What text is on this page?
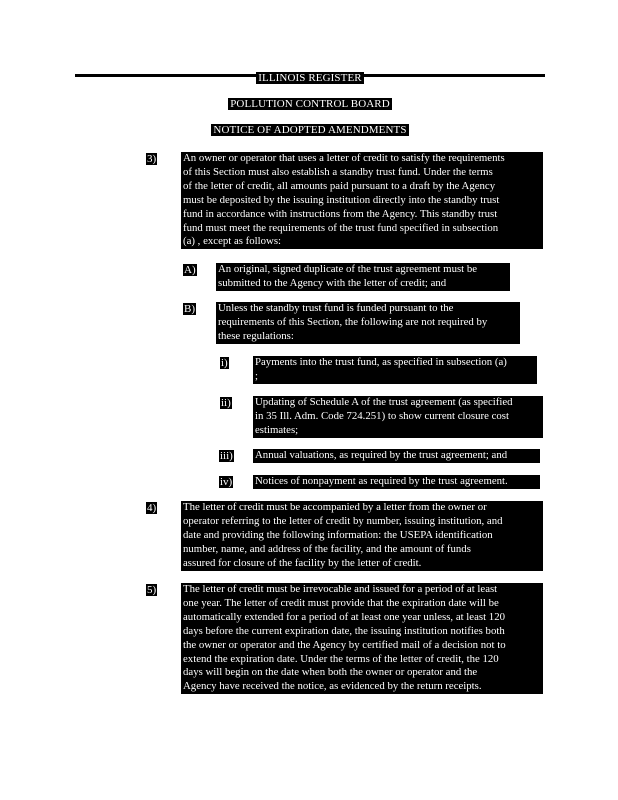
ILLINOIS REGISTER
POLLUTION CONTROL BOARD
NOTICE OF ADOPTED AMENDMENTS
3) An owner or operator that uses a letter of credit to satisfy the requirements

of this Section must also establish a standby trust fund. Under the terms

of the letter of credit, all amounts paid pursuant to a draft by the Agency

must be deposited by the issuing institution directly into the standby trust

fund in accordance with instructions from the Agency. This standby trust

fund must meet the requirements of the trust fund specified in subsection

(a) , except as follows:

A) An original, signed duplicate of the trust agreement must be

submitted to the Agency with the letter of credit; and

B) Unless the standby trust fund is funded pursuant to the

requirements of this Section, the following are not required by

these regulations:

i)	Payments into the trust fund, as specified in subsection (a)

;

ii) Updating of Schedule A of the trust agreement (as specified

in 35 Ill. Adm. Code 724.251) to show current closure cost

estimates;

iii) Annual valuations, as required by the trust agreement; and

iv) Notices of nonpayment as required by the trust agreement.

4) The letter of credit must be accompanied by a letter from the owner or

operator referring to the letter of credit by number, issuing institution, and

date and providing the following information: the USEPA identification

number, name, and address of the facility, and the amount of funds

assured for closure of the facility by the letter of credit.

5) The letter of credit must be irrevocable and issued for a period of at least

one year. The letter of credit must provide that the expiration date will be

automatically extended for a period of at least one year unless, at least 120

days before the current expiration date, the issuing institution notifies both

the owner or operator and the Agency by certified mail of a decision not to

extend the expiration date. Under the terms of the letter of credit, the 120

days will begin on the date when both the owner or operator and the

Agency have received the notice, as evidenced by the return receipts.
